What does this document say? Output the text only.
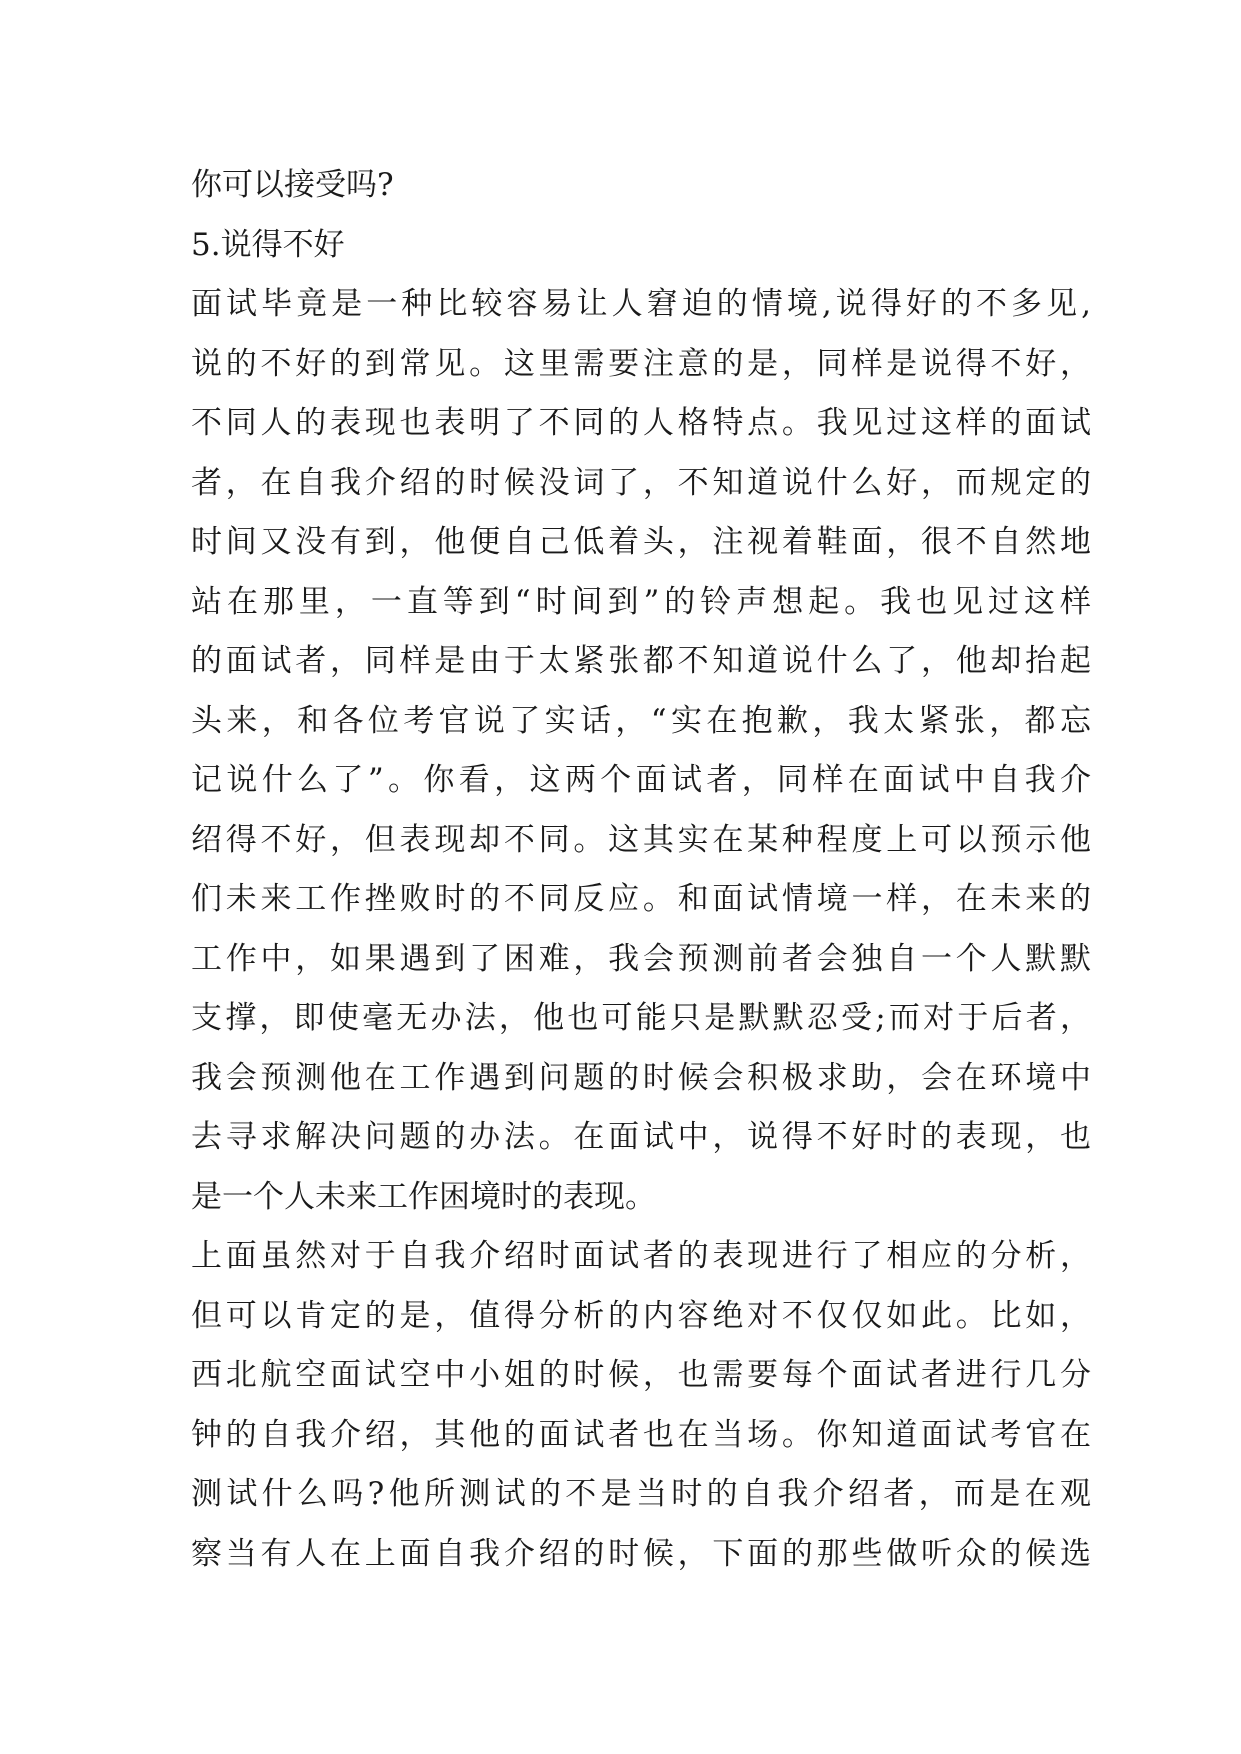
你可以接受吗?
5.说得不好
面试毕竟是一种比较容易让人窘迫的情境,说得好的不多见,
说的不好的到常见。这里需要注意的是，同样是说得不好，
不同人的表现也表明了不同的人格特点。我见过这样的面试
者，在自我介绍的时候没词了，不知道说什么好，而规定的
时间又没有到，他便自己低着头，注视着鞋面，很不自然地
站在那里，一直等到“时间到”的铃声想起。我也见过这样
的面试者，同样是由于太紧张都不知道说什么了，他却抬起
头来，和各位考官说了实话，“实在抱歉，我太紧张，都忘
记说什么了”。你看，这两个面试者，同样在面试中自我介
绍得不好，但表现却不同。这其实在某种程度上可以预示他
们未来工作挫败时的不同反应。和面试情境一样，在未来的
工作中，如果遇到了困难，我会预测前者会独自一个人默默
支撑，即使毫无办法，他也可能只是默默忍受;而对于后者，
我会预测他在工作遇到问题的时候会积极求助，会在环境中
去寻求解决问题的办法。在面试中，说得不好时的表现，也
是一个人未来工作困境时的表现。
上面虽然对于自我介绍时面试者的表现进行了相应的分析，
但可以肯定的是，值得分析的内容绝对不仅仅如此。比如，
西北航空面试空中小姐的时候，也需要每个面试者进行几分
钟的自我介绍，其他的面试者也在当场。你知道面试考官在
测试什么吗?他所测试的不是当时的自我介绍者，而是在观
察当有人在上面自我介绍的时候，下面的那些做听众的候选
